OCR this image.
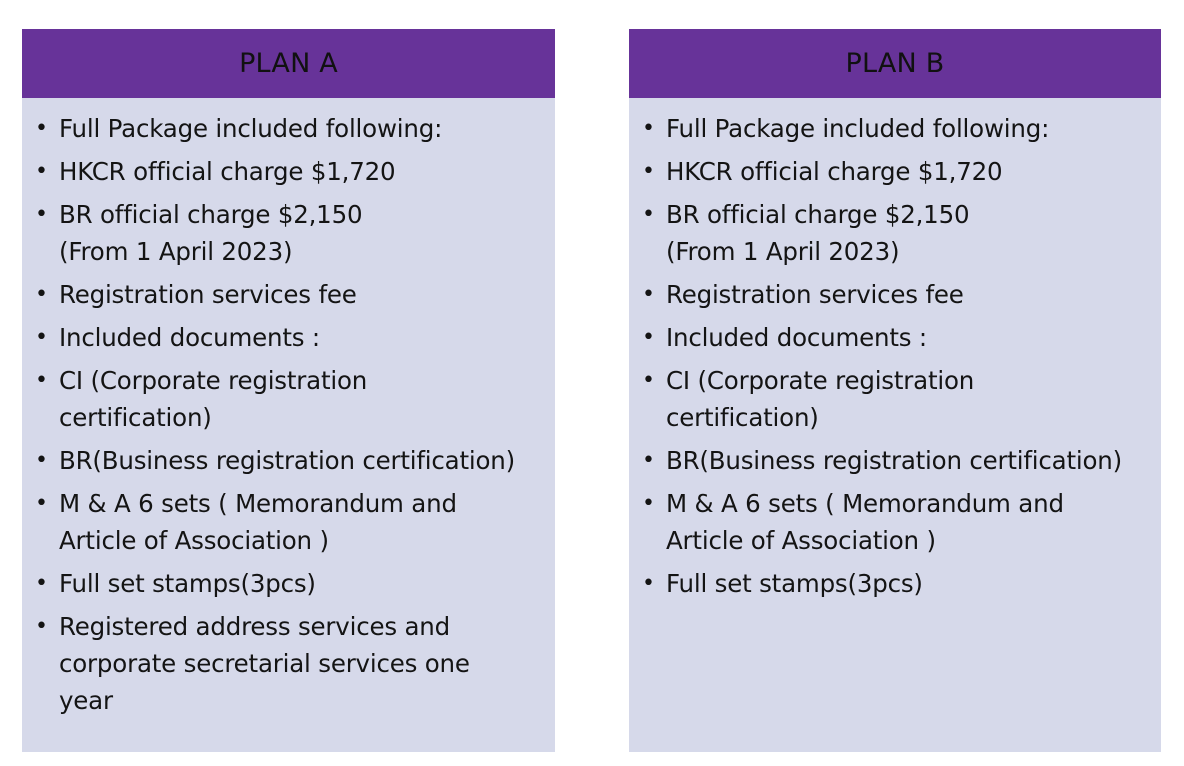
PLAN A
• Full Package included following:
• HKCR official charge $1,720
• BR official charge $2,150
(From 1 April 2023)
• Registration services fee
• Included documents :
• CI (Corporate registration
certification)
• BR(Business registration certification)
• M & A 6 sets ( Memorandum and
Article of Association )
• Full set stamps(3pcs)
• Registered address services and
corporate secretarial services one
year
PLAN B
• Full Package included following:
• HKCR official charge $1,720
• BR official charge $2,150
(From 1 April 2023)
• Registration services fee
• Included documents :
• CI (Corporate registration
certification)
• BR(Business registration certification)
• M & A 6 sets ( Memorandum and
Article of Association )
• Full set stamps(3pcs)
